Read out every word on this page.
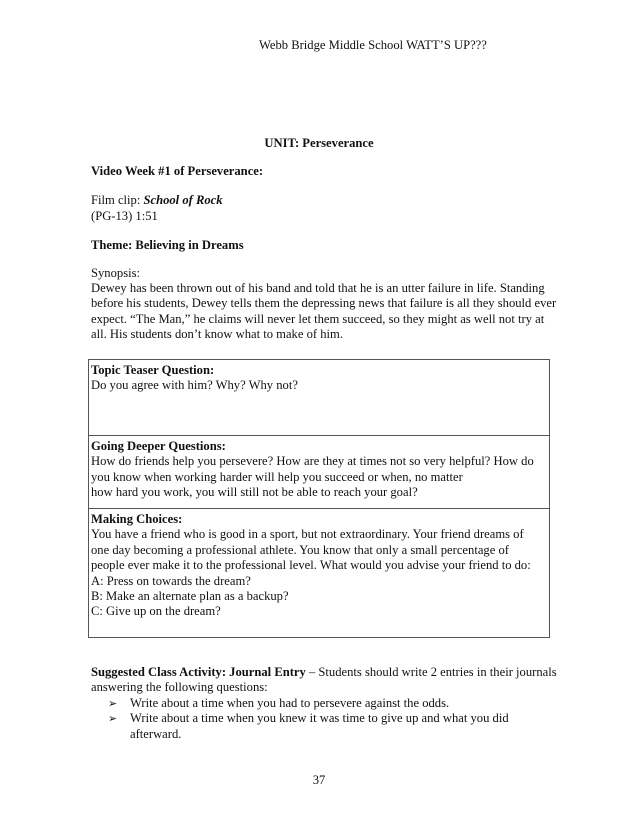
Webb Bridge Middle School WATT’S UP???
UNIT: Perseverance
Video Week #1 of Perseverance:
Film clip: School of Rock
(PG-13) 1:51
Theme: Believing in Dreams
Synopsis:
Dewey has been thrown out of his band and told that he is an utter failure in life. Standing before his students, Dewey tells them the depressing news that failure is all they should ever expect. “The Man,” he claims will never let them succeed, so they might as well not try at all. His students don’t know what to make of him.
Topic Teaser Question:
Do you agree with him? Why? Why not?

Going Deeper Questions:
How do friends help you persevere? How are they at times not so very helpful? How do
you know when working harder will help you succeed or when, no matter
how hard you work, you will still not be able to reach your goal?

Making Choices:
You have a friend who is good in a sport, but not extraordinary. Your friend dreams of
one day becoming a professional athlete. You know that only a small percentage of
people ever make it to the professional level. What would you advise your friend to do:
A: Press on towards the dream?
B: Make an alternate plan as a backup?
C: Give up on the dream?
Suggested Class Activity: Journal Entry – Students should write 2 entries in their journals answering the following questions:
➢ Write about a time when you had to persevere against the odds.
➢ Write about a time when you knew it was time to give up and what you did afterward.
37
